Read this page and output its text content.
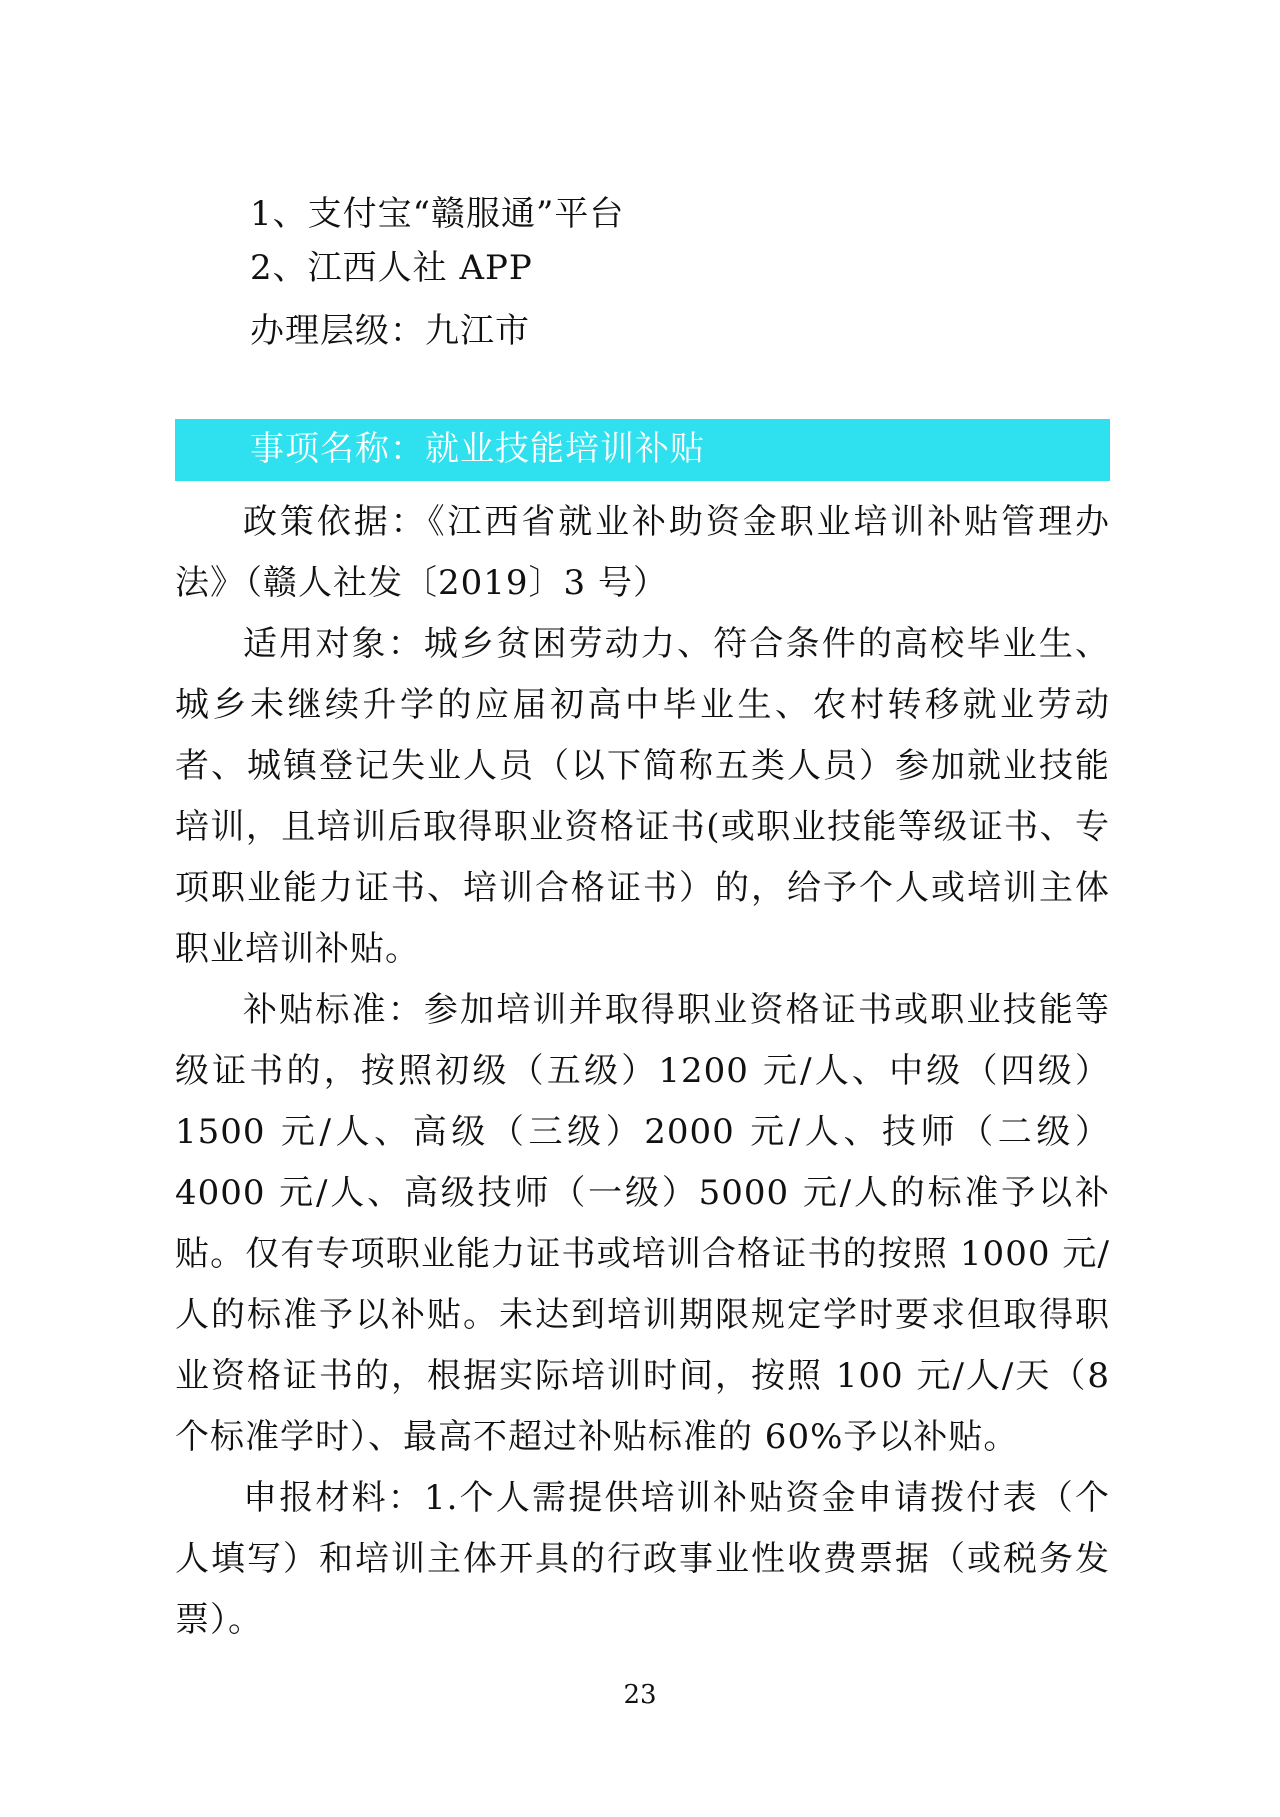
1、支付宝“赣服通”平台
2、江西人社 APP
办理层级：九江市
事项名称：就业技能培训补贴

政策依据：《江西省就业补助资金职业培训补贴管理办法》（赣人社发〔2019〕3 号）

适用对象：城乡贫困劳动力、符合条件的高校毕业生、城乡未继续升学的应届初高中毕业生、农村转移就业劳动者、城镇登记失业人员（以下简称五类人员）参加就业技能培训，且培训后取得职业资格证书(或职业技能等级证书、专项职业能力证书、培训合格证书）的，给予个人或培训主体职业培训补贴。

补贴标准：参加培训并取得职业资格证书或职业技能等级证书的，按照初级（五级）1200 元/人、中级（四级）1500 元/人、高级（三级）2000 元/人、技师（二级）4000 元/人、高级技师（一级）5000 元/人的标准予以补贴。仅有专项职业能力证书或培训合格证书的按照 1000 元/人的标准予以补贴。未达到培训期限规定学时要求但取得职业资格证书的，根据实际培训时间，按照 100 元/人/天（8 个标准学时）、最高不超过补贴标准的 60%予以补贴。

申报材料：1.个人需提供培训补贴资金申请拨付表（个人填写）和培训主体开具的行政事业性收费票据（或税务发票）。

23
